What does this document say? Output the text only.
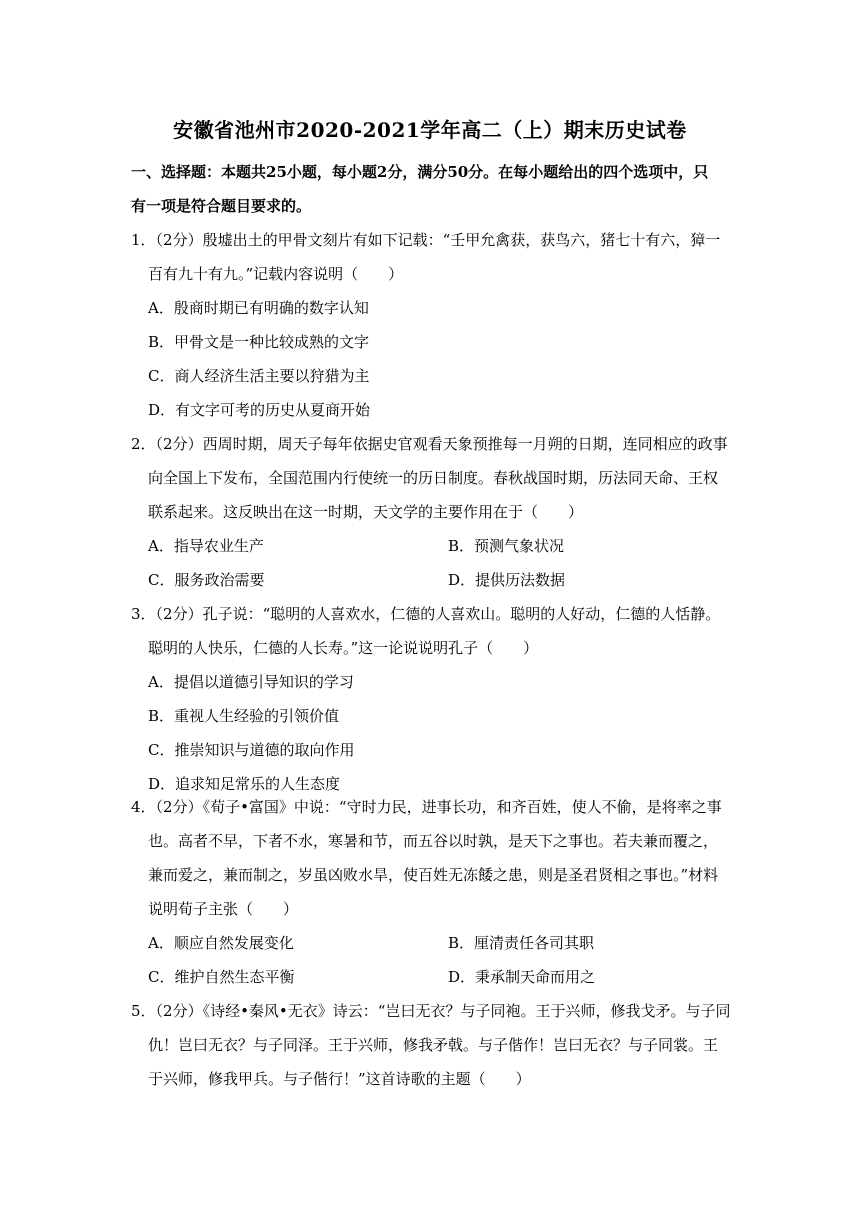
安徽省池州市2020-2021学年高二（上）期末历史试卷
一、选择题：本题共25小题，每小题2分，满分50分。在每小题给出的四个选项中，只
有一项是符合题目要求的。
1．（2分）殷墟出土的甲骨文刻片有如下记载：“壬甲允禽获，获鸟六，猪七十有六，獐一
百有九十有九。”记载内容说明（　　）
A．殷商时期已有明确的数字认知
B．甲骨文是一种比较成熟的文字
C．商人经济生活主要以狩猎为主
D．有文字可考的历史从夏商开始
2．（2分）西周时期，周天子每年依据史官观看天象预推每一月朔的日期，连同相应的政事
向全国上下发布，全国范围内行使统一的历日制度。春秋战国时期，历法同天命、王权
联系起来。这反映出在这一时期，天文学的主要作用在于（　　）
A．指导农业生产	B．预测气象状况
C．服务政治需要	D．提供历法数据
3．（2分）孔子说：“聪明的人喜欢水，仁德的人喜欢山。聪明的人好动，仁德的人恬静。
聪明的人快乐，仁德的人长寿。”这一论说说明孔子（　　）
A．提倡以道德引导知识的学习
B．重视人生经验的引领价值
C．推崇知识与道德的取向作用
D．追求知足常乐的人生态度
4．（2分）《荀子•富国》中说：“守时力民，进事长功，和齐百姓，使人不偷，是将率之事
也。高者不早，下者不水，寒暑和节，而五谷以时孰，是天下之事也。若夫兼而覆之，
兼而爱之，兼而制之，岁虽凶败水旱，使百姓无冻餧之患，则是圣君贤相之事也。”材料
说明荀子主张（　　）
A．顺应自然发展变化	B．厘清责任各司其职
C．维护自然生态平衡	D．秉承制天命而用之
5．（2分）《诗经•秦风•无衣》诗云：“岂曰无衣？与子同袍。王于兴师，修我戈矛。与子同
仇！岂曰无衣？与子同泽。王于兴师，修我矛戟。与子偕作！岂曰无衣？与子同裳。王
于兴师，修我甲兵。与子偕行！”这首诗歌的主题（　　）
